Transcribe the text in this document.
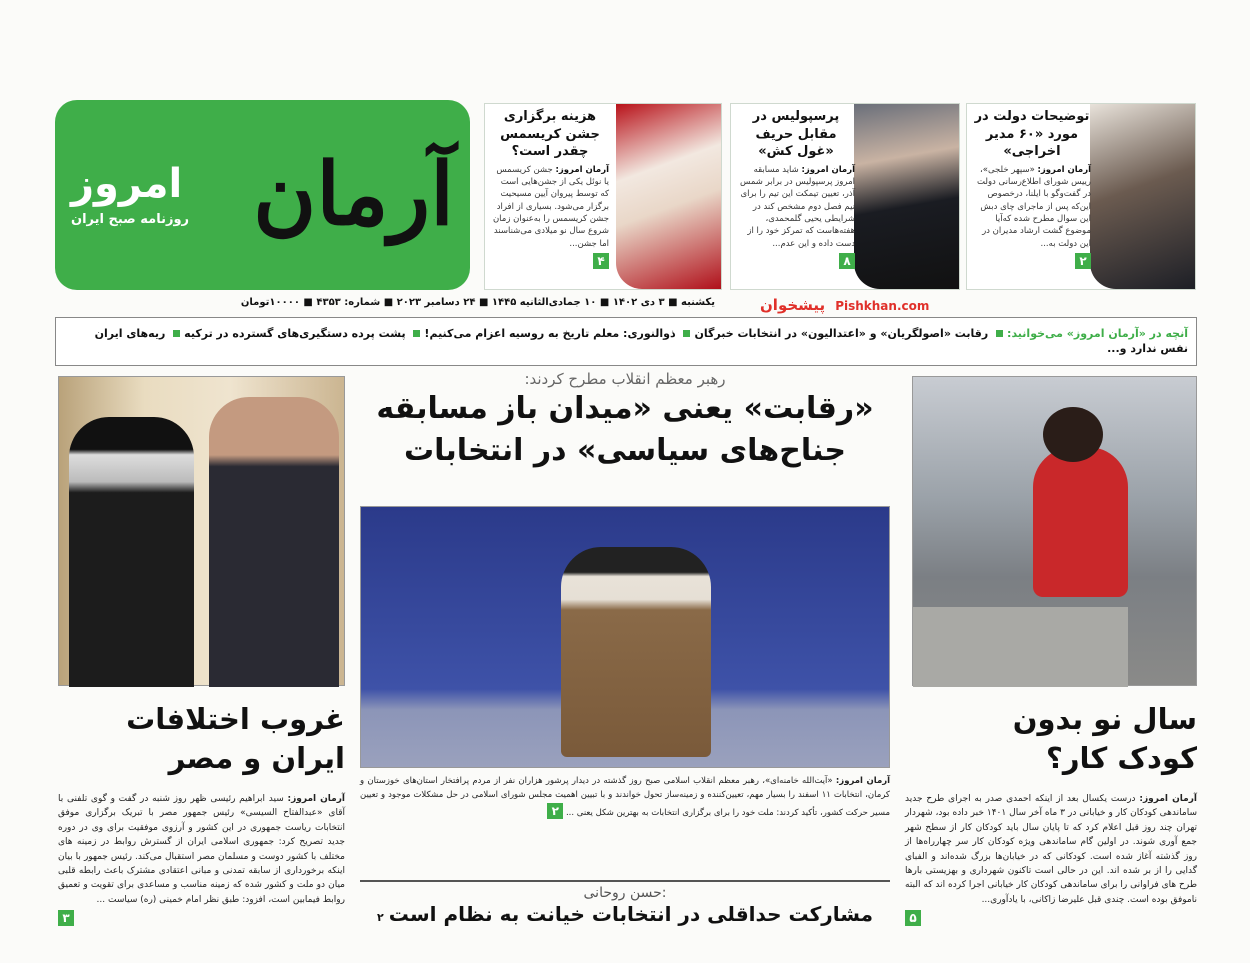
آرمان
امروز
روزنامه صبح ایران
توضیحات دولت در مورد «۶۰ مدیر اخراجی»

آرمان امروز: «سپهر خلجی»، رییس شورای اطلاع‌رسانی دولت در گفت‌وگو با ایلنا، درخصوص این‌که پس از ماجرای چای دبش این سوال مطرح شده که‌آیا موضوع گشت ارشاد مدیران در این دولت به...

۲
پرسپولیس در مقابل حریف «غول کش»

آرمان امروز: شاید مسابقه امروز پرسپولیس در برابر شمس آذر، تعیین تیمکت این تیم را برای نیم فصل دوم مشخص کند در شرایطی یحیی گلمحمدی، هفته‌هاست که تمرکز خود را از دست داده و این عدم...

۸
هزینه برگزاری جشن کریسمس چقدر است؟

آرمان امروز: جشن کریسمس یا نوئل یکی از جشن‌هایی است که توسط پیروان آیین مسیحیت برگزار می‌شود. بسیاری از افراد جشن کریسمس را به‌عنوان زمان شروع سال نو میلادی می‌شناسند اما جشن...

۴
یکشنبه ■ ۳ دی ۱۴۰۲ ■ ۱۰ جمادی‌الثانیه ۱۴۴۵ ■ ۲۴ دسامبر ۲۰۲۳ ■ شماره: ۴۳۵۳ ■ ۱۰۰۰۰تومان	پیشخوان Pishkhan.com
آنچه در «آرمان امروز» می‌خوانید: رقابت «اصولگریان» و «اعتدالیون» در انتخابات خبرگان ذوالنوری: معلم تاریخ به روسیه اعزام می‌کنیم! پشت پرده دستگیری‌های گسترده در ترکیه ریه‌های ایران نفس ندارد و...
رهبر معظم انقلاب مطرح کردند:
«رقابت» یعنی «میدان باز مسابقه جناح‌های سیاسی» در انتخابات

آرمان امروز: «آیت‌الله خامنه‌ای»، رهبر معظم انقلاب اسلامی صبح روز گذشته در دیدار پرشور هزاران نفر از مردم پرافتخار استان‌های خوزستان و کرمان، انتخابات ۱۱ اسفند را بسیار مهم، تعیین‌کننده و زمینه‌ساز تحول خواندند و با تبیین اهمیت مجلس شورای اسلامی در حل مشکلات موجود و تعیین مسیر حرکت کشور، تأکید کردند: ملت خود را برای برگزاری انتخابات به بهترین شکل یعنی ... ۲

حسن روحانی:
مشارکت حداقلی در انتخابات خیانت به نظام است ۲
غروب اختلافات ایران و مصر

آرمان امروز: سید ابراهیم رئیسی ظهر روز شنبه در گفت و گوی تلفنی با آقای «عبدالفتاح السیسی» رئیس جمهور مصر با تبریک برگزاری موفق انتخابات ریاست جمهوری در این کشور و آرزوی موفقیت برای وی در دوره جدید تصریح کرد: جمهوری اسلامی ایران از گسترش روابط در زمینه های مختلف با کشور دوست و مسلمان مصر استقبال می‌کند. رئیس جمهور با بیان اینکه برخورداری از سابقه تمدنی و مبانی اعتقادی مشترک باعث رابطه قلبی میان دو ملت و کشور شده که زمینه مناسب و مساعدی برای تقویت و تعمیق روابط فیمابین است، افزود: طبق نظر امام خمینی (ره) سیاست ...

۳
سال نو بدون کودک کار؟

آرمان امروز: درست یکسال بعد از اینکه احمدی صدر به اجرای طرح جدید ساماندهی کودکان کار و خیابانی در ۳ ماه آخر سال ۱۴۰۱ خبر داده بود، شهردار تهران چند روز قبل اعلام کرد که تا پایان سال باید کودکان کار از سطح شهر جمع آوری شوند. در اولین گام ساماندهی ویژه کودکان کار سر چهارراه‌ها از روز گذشته آغاز شده است. کودکانی که در خیابان‌ها بزرگ شده‌اند و الفبای گدایی را از بر شده اند. این در حالی است تاکنون شهرداری و بهزیستی بارها طرح های فراوانی را برای ساماندهی کودکان کار خیابانی اجرا کرده اند که البته ناموفق بوده است. چندی قبل علیرضا زاکانی، با یادآوری...

۵
